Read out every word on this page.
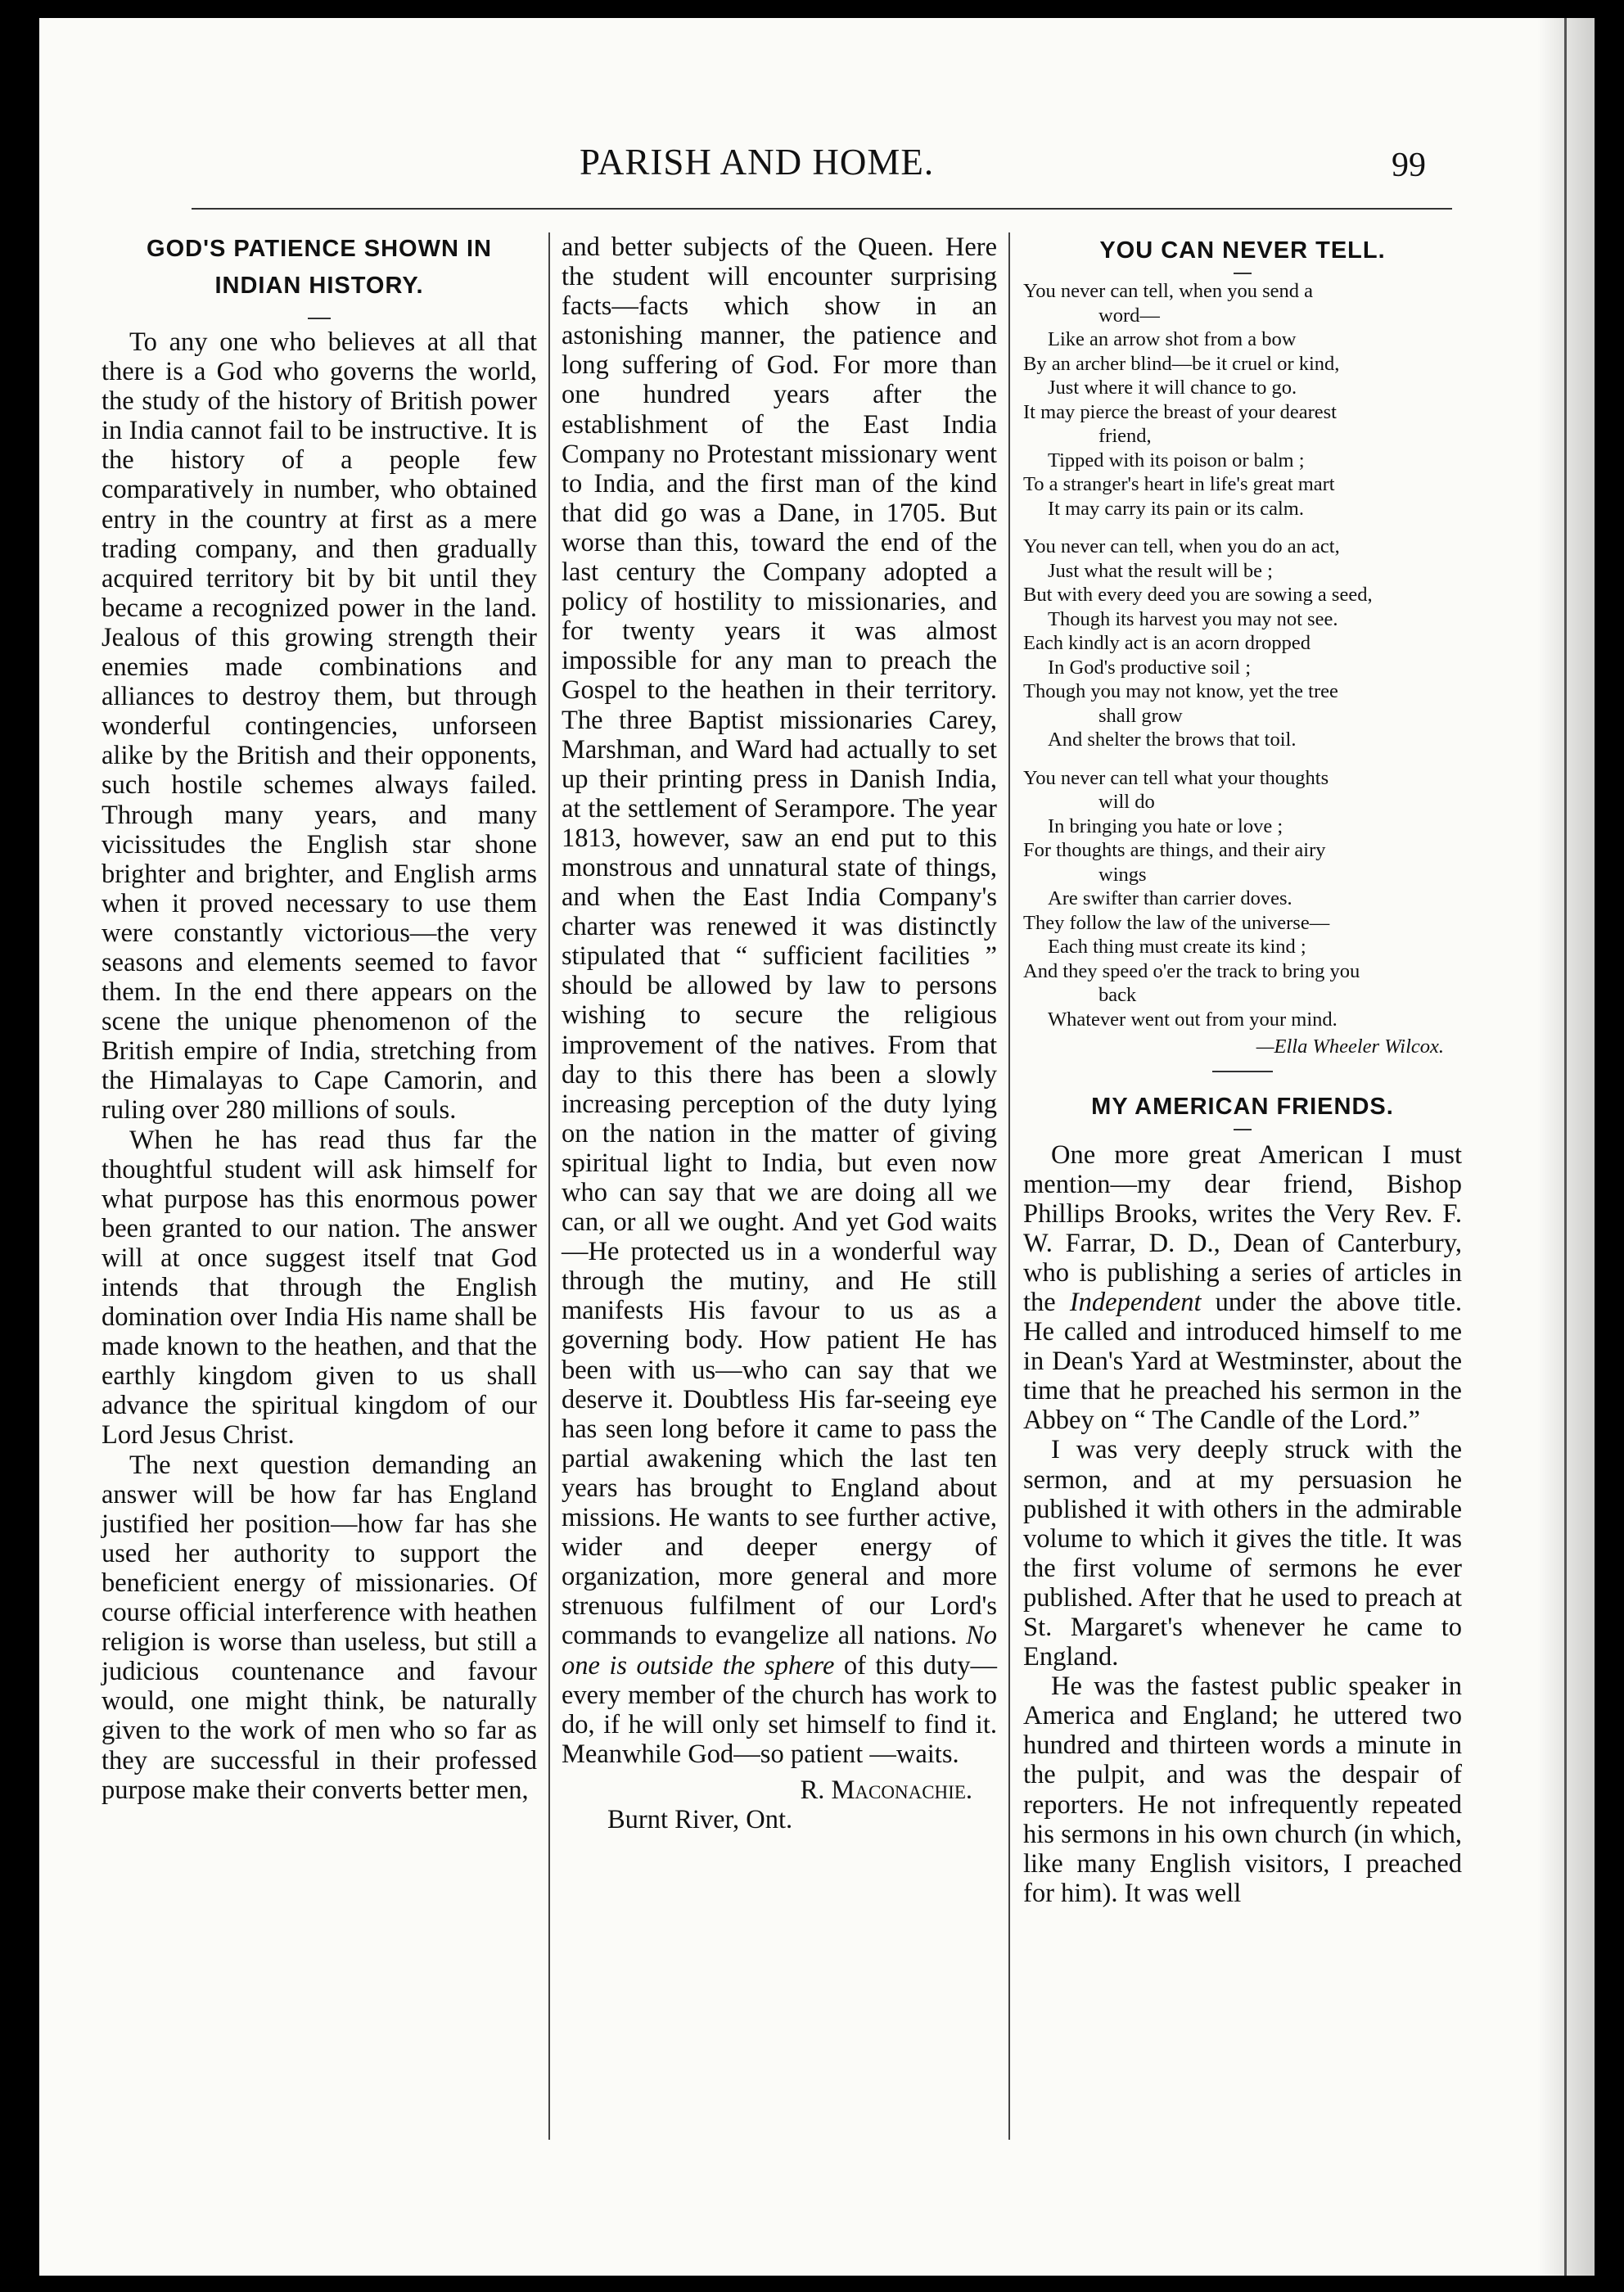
PARISH AND HOME.	99
GOD'S PATIENCE SHOWN IN
INDIAN HISTORY.

To any one who believes at all that there is a God who governs the world, the study of the history of British power in India cannot fail to be instructive. It is the history of a people few comparatively in number, who obtained entry in the country at first as a mere trading company, and then gradually acquired territory bit by bit until they became a recognized power in the land. Jealous of this growing strength their enemies made combinations and alliances to destroy them, but through wonderful contingencies, unforseen alike by the British and their opponents, such hostile schemes always failed. Through many years, and many vicissitudes the English star shone brighter and brighter, and English arms when it proved necessary to use them were constantly victorious—the very seasons and elements seemed to favor them. In the end there appears on the scene the unique phenomenon of the British empire of India, stretching from the Himalayas to Cape Camorin, and ruling over 280 millions of souls.

When he has read thus far the thoughtful student will ask himself for what purpose has this enormous power been granted to our nation. The answer will at once suggest itself tnat God intends that through the English domination over India His name shall be made known to the heathen, and that the earthly kingdom given to us shall advance the spiritual kingdom of our Lord Jesus Christ.

The next question demanding an answer will be how far has England justified her position—how far has she used her authority to support the beneficient energy of missionaries. Of course official interference with heathen religion is worse than useless, but still a judicious countenance and favour would, one might think, be naturally given to the work of men who so far as they are successful in their professed purpose make their converts better men,

and better subjects of the Queen. Here the student will encounter surprising facts—facts which show in an astonishing manner, the patience and long suffering of God. For more than one hundred years after the establishment of the East India Company no Protestant missionary went to India, and the first man of the kind that did go was a Dane, in 1705. But worse than this, toward the end of the last century the Company adopted a policy of hostility to missionaries, and for twenty years it was almost impossible for any man to preach the Gospel to the heathen in their territory. The three Baptist missionaries Carey, Marshman, and Ward had actually to set up their printing press in Danish India, at the settlement of Serampore. The year 1813, however, saw an end put to this monstrous and unnatural state of things, and when the East India Company's charter was renewed it was distinctly stipulated that “ sufficient facilities ” should be allowed by law to persons wishing to secure the religious improvement of the natives. From that day to this there has been a slowly increasing perception of the duty lying on the nation in the matter of giving spiritual light to India, but even now who can say that we are doing all we can, or all we ought. And yet God waits—He protected us in a wonderful way through the mutiny, and He still manifests His favour to us as a governing body. How patient He has been with us—who can say that we deserve it. Doubtless His far-seeing eye has seen long before it came to pass the partial awakening which the last ten years has brought to England about missions. He wants to see further active, wider and deeper energy of organization, more general and more strenuous fulfilment of our Lord's commands to evangelize all nations. No one is outside the sphere of this duty—every member of the church has work to do, if he will only set himself to find it. Meanwhile God—so patient —waits.

R. Maconachie.
Burnt River, Ont.
YOU CAN NEVER TELL.
You never can tell, when you send a
word—
Like an arrow shot from a bow
By an archer blind—be it cruel or kind,
Just where it will chance to go.
It may pierce the breast of your dearest
friend,
Tipped with its poison or balm ;
To a stranger's heart in life's great mart
It may carry its pain or its calm.
You never can tell, when you do an act,
Just what the result will be ;
But with every deed you are sowing a seed,
Though its harvest you may not see.
Each kindly act is an acorn dropped
In God's productive soil ;
Though you may not know, yet the tree
shall grow
And shelter the brows that toil.
You never can tell what your thoughts
will do
In bringing you hate or love ;
For thoughts are things, and their airy
wings
Are swifter than carrier doves.
They follow the law of the universe—
Each thing must create its kind ;
And they speed o'er the track to bring you
back
Whatever went out from your mind.
—Ella Wheeler Wilcox.
MY AMERICAN FRIENDS.

One more great American I must mention—my dear friend, Bishop Phillips Brooks, writes the Very Rev. F. W. Farrar, D. D., Dean of Canterbury, who is publishing a series of articles in the Independent under the above title. He called and introduced himself to me in Dean's Yard at Westminster, about the time that he preached his sermon in the Abbey on “ The Candle of the Lord.”

I was very deeply struck with the sermon, and at my persuasion he published it with others in the admirable volume to which it gives the title. It was the first volume of sermons he ever published. After that he used to preach at St. Margaret's whenever he came to England.

He was the fastest public speaker in America and England; he uttered two hundred and thirteen words a minute in the pulpit, and was the despair of reporters. He not infrequently repeated his sermons in his own church (in which, like many English visitors, I preached for him). It was well
